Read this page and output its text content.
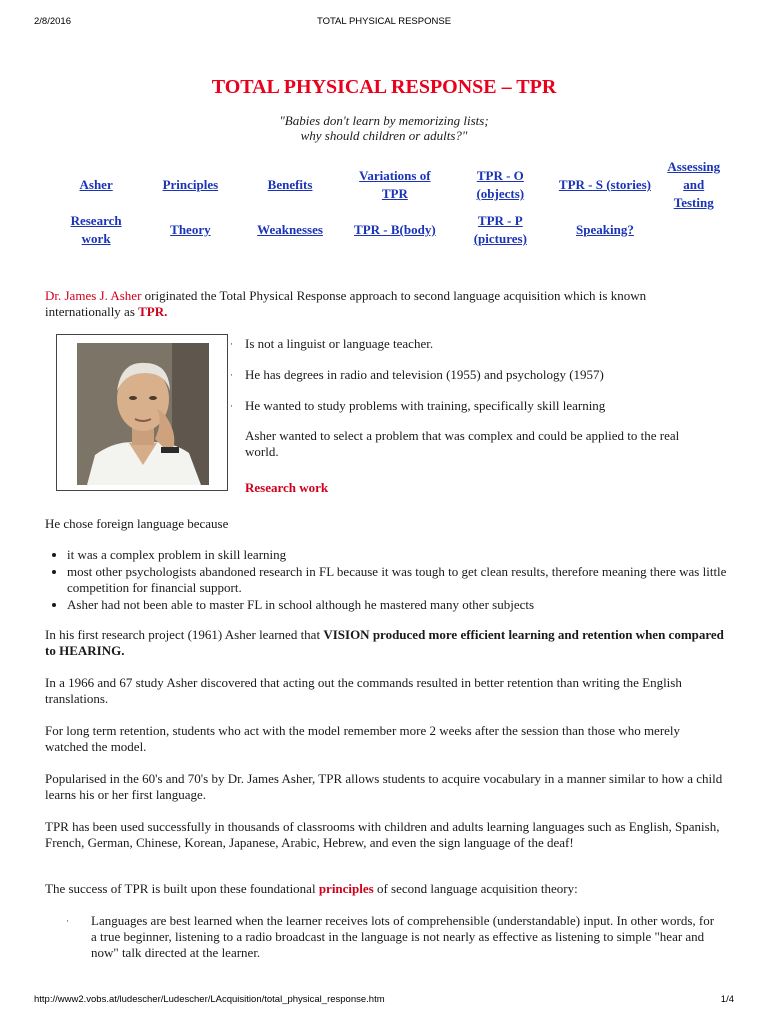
2/8/2016	TOTAL PHYSICAL RESPONSE
TOTAL PHYSICAL RESPONSE – TPR
"Babies don't learn by memorizing lists;
why should children or adults?"
Asher	Principles	Benefits	Variations of TPR	TPR - O (objects)	TPR - S (stories)	Assessing and Testing
Research work	Theory	Weaknesses	TPR - B(body)	TPR - P (pictures)	Speaking?	
Dr. James J. Asher originated the Total Physical Response approach to second language acquisition which is known internationally as TPR.
· Is not a linguist or language teacher.
· He has degrees in radio and television (1955) and psychology (1957)
· He wanted to study problems with training, specifically skill learning
Asher wanted to select a problem that was complex and could be applied to the real world.
Research work
He chose foreign language because
• it was a complex problem in skill learning
• most other psychologists abandoned research in FL because it was tough to get clean results, therefore meaning there was little competition for financial support.
• Asher had not been able to master FL in school although he mastered many other subjects
In his first research project (1961) Asher learned that VISION produced more efficient learning and retention when compared to HEARING.
In a 1966 and 67 study Asher discovered that acting out the commands resulted in better retention than writing the English translations.
For long term retention, students who act with the model remember more 2 weeks after the session than those who merely watched the model.
Popularised in the 60's and 70's by Dr. James Asher, TPR allows students to acquire vocabulary in a manner similar to how a child learns his or her first language.
TPR has been used successfully in thousands of classrooms with children and adults learning languages such as English, Spanish, French, German, Chinese, Korean, Japanese, Arabic, Hebrew, and even the sign language of the deaf!
The success of TPR is built upon these foundational principles of second language acquisition theory:
· Languages are best learned when the learner receives lots of comprehensible (understandable) input. In other words, for a true beginner, listening to a radio broadcast in the language is not nearly as effective as listening to simple "hear and now" talk directed at the learner.
http://www2.vobs.at/ludescher/Ludescher/LAcquisition/total_physical_response.htm	1/4
